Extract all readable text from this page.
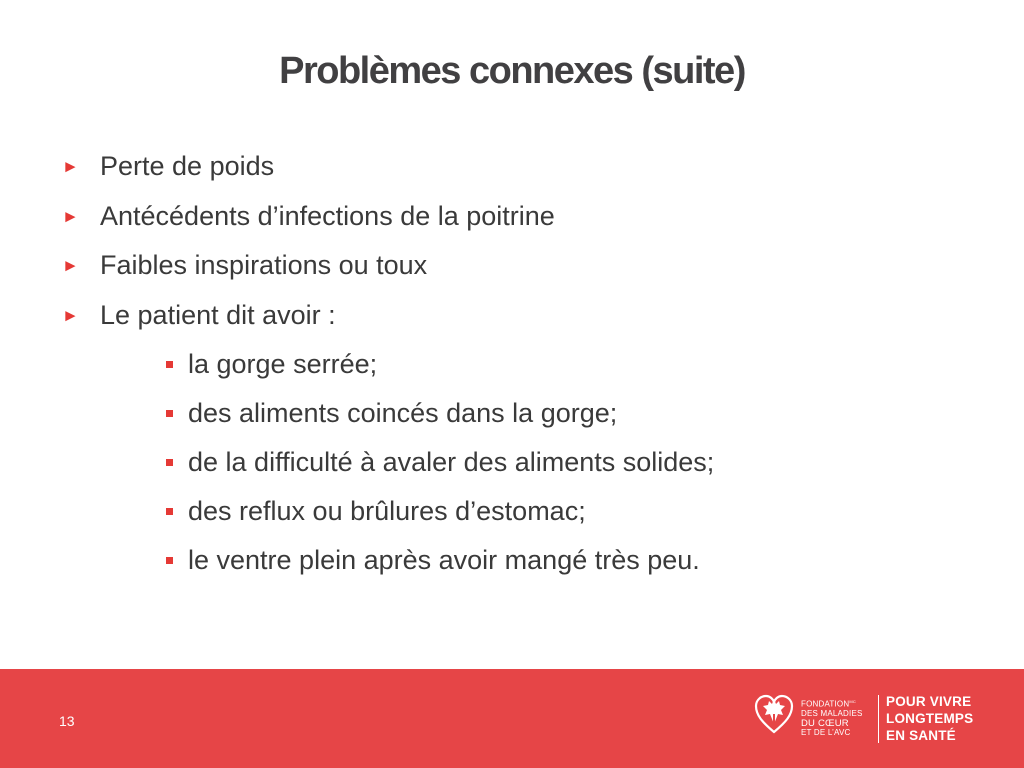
Problèmes connexes (suite)
► Perte de poids
► Antécédents d’infections de la poitrine
► Faibles inspirations ou toux
► Le patient dit avoir :
la gorge serrée;
des aliments coincés dans la gorge;
de la difficulté à avaler des aliments solides;
des reflux ou brûlures d’estomac;
le ventre plein après avoir mangé très peu.
13
$FONDATION^{MC}$
DES MALADIES
DU CŒUR
ET DE L’AVC
POUR VIVRE
LONGTEMPS
EN SANTÉ
